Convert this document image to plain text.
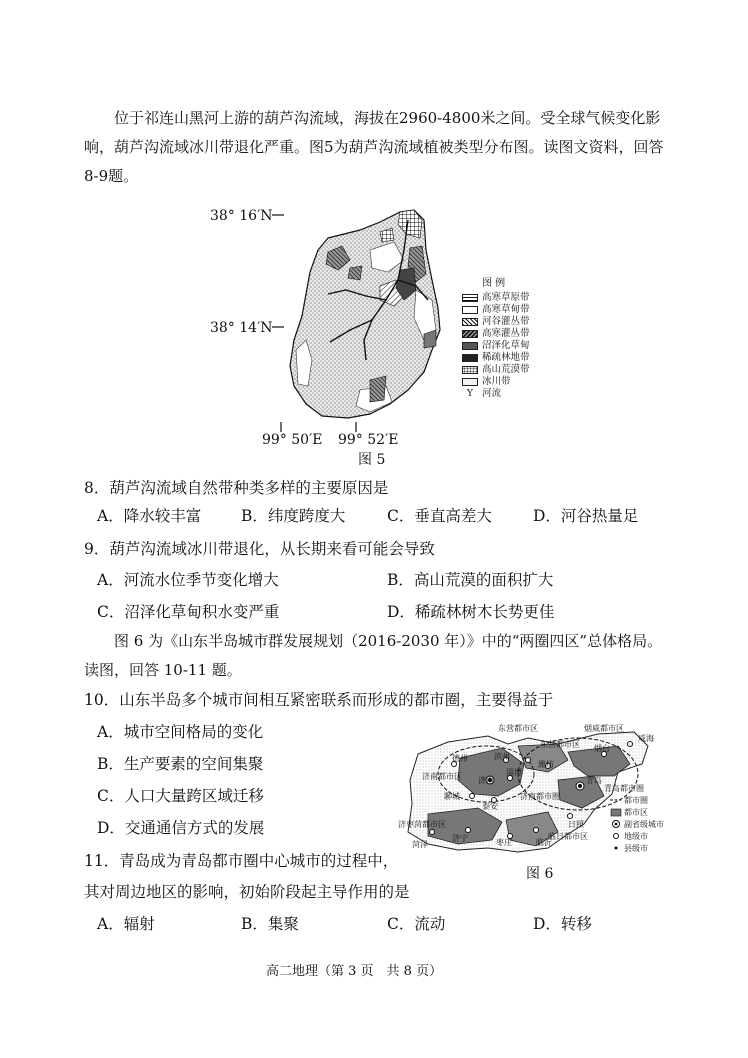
位于祁连山黑河上游的葫芦沟流域，海拔在2960-4800米之间。受全球气候变化影响，葫芦沟流域冰川带退化严重。图5为葫芦沟流域植被类型分布图。读图文资料，回答8-9题。
38° 16′N
38° 14′N
99° 50′E 99° 52′E
图 5
图 例
高寒草原带
高寒草甸带
河谷灌丛带
高寒灌丛带
沼泽化草甸
稀疏林地带
高山荒漠带
冰川带
Y 河流
8．葫芦沟流域自然带种类多样的主要原因是
A．降水较丰富	B．纬度跨度大	C．垂直高差大	D．河谷热量足
9．葫芦沟流域冰川带退化，从长期来看可能会导致
A．河流水位季节变化增大	B．高山荒漠的面积扩大
C．沼泽化草甸积水变严重	D．稀疏林树木长势更佳
图 6 为《山东半岛城市群发展规划（2016-2030 年）》中的“两圈四区”总体格局。读图，回答 10-11 题。
10．山东半岛多个城市间相互紧密联系而形成的都市圈，主要得益于
A．城市空间格局的变化
B．生产要素的空间集聚
C．人口大量跨区域迁移
D．交通通信方式的发展
东营都市区	烟威都市区
威海
烟台
东营都市区
德州	滨州
潍坊
济南都市区 济南
淄博
青岛都市圈
青岛
聊城
泰安
日照
济枣菏都市区
菏泽
济宁	枣庄	临沂
临日都市区
济南都市圈	都市圈
都市区
副省级城市
地级市
县级市
图 6
11．青岛成为青岛都市圈中心城市的过程中，
其对周边地区的影响，初始阶段起主导作用的是
A．辐射	B．集聚	C．流动	D．转移
高二地理（第 3 页　共 8 页）
